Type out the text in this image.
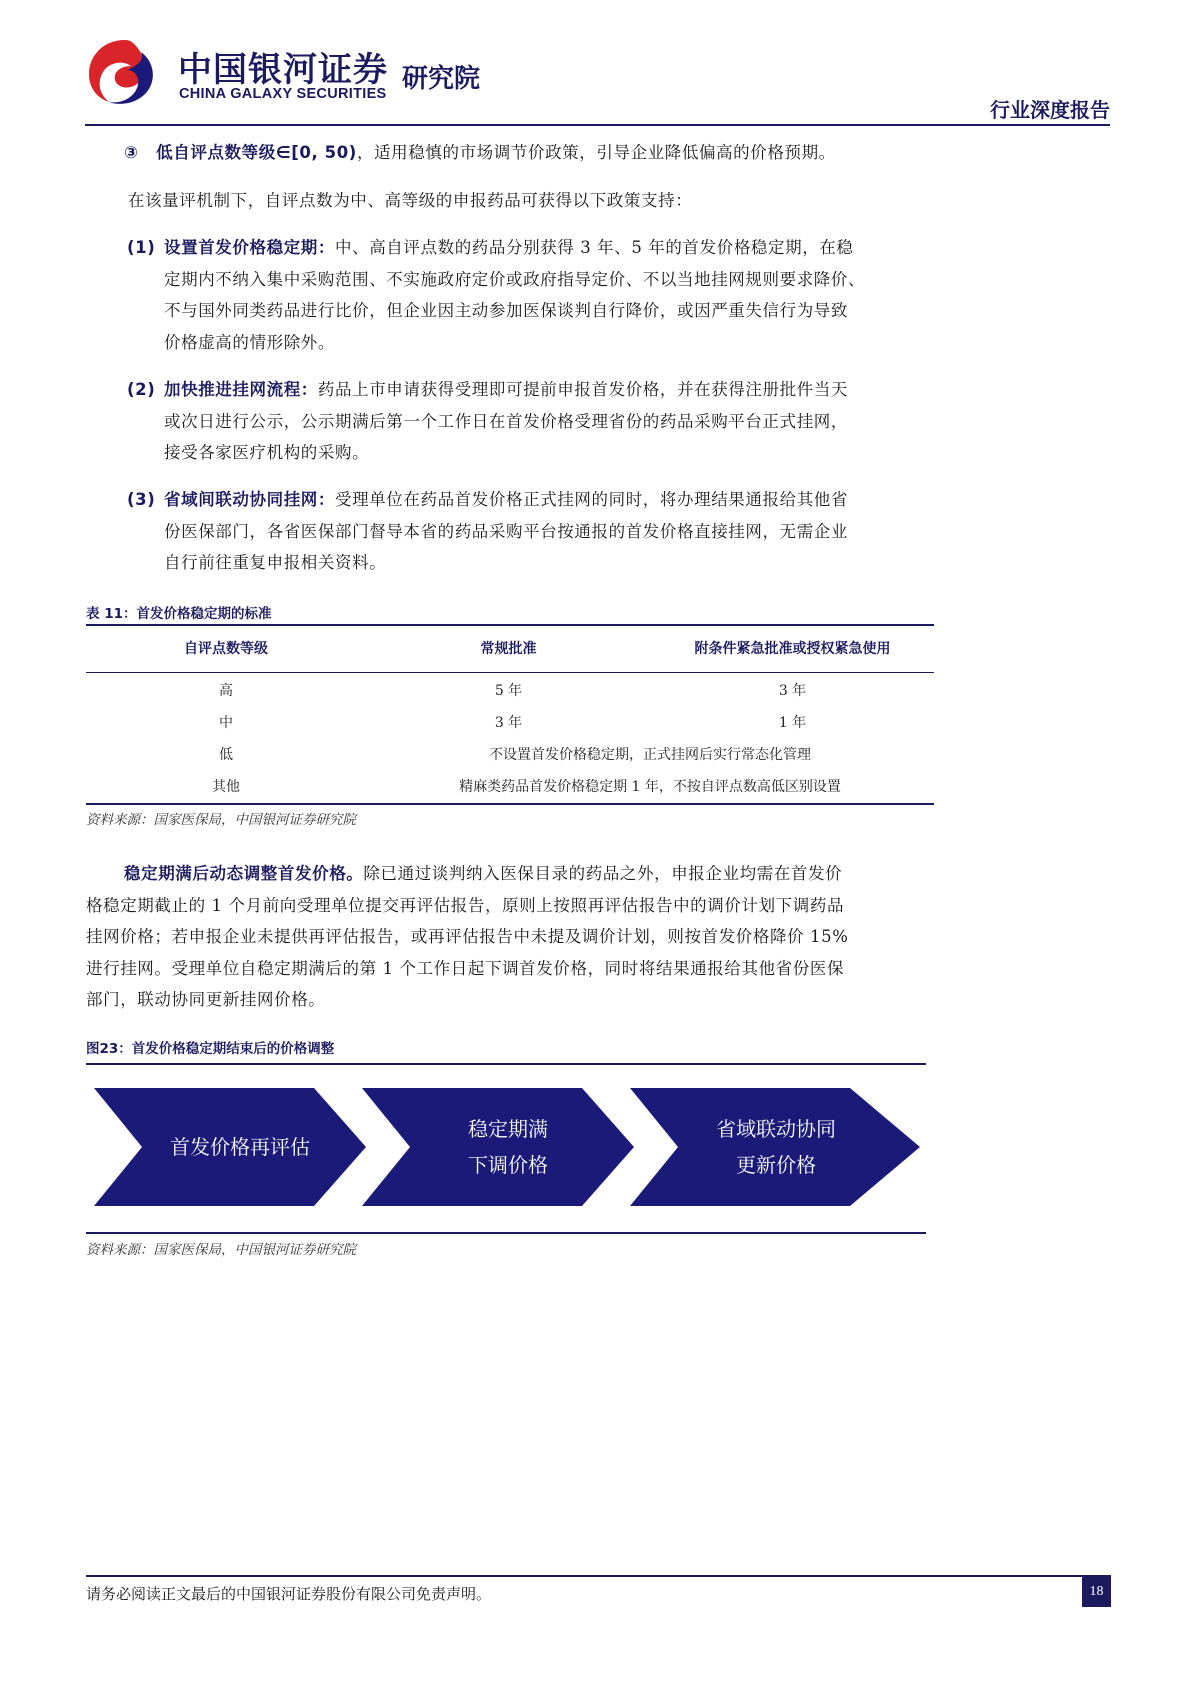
中国银河证券
CHINA GALAXY SECURITIES 研究院
行业深度报告
③ 低自评点数等级∈[0, 50)，适用稳慎的市场调节价政策，引导企业降低偏高的价格预期。
在该量评机制下，自评点数为中、高等级的申报药品可获得以下政策支持：
(1) 设置首发价格稳定期：中、高自评点数的药品分别获得 3 年、5 年的首发价格稳定期，在稳
定期内不纳入集中采购范围、不实施政府定价或政府指导定价、不以当地挂网规则要求降价、
不与国外同类药品进行比价，但企业因主动参加医保谈判自行降价，或因严重失信行为导致
价格虚高的情形除外。
(2) 加快推进挂网流程：药品上市申请获得受理即可提前申报首发价格，并在获得注册批件当天
或次日进行公示，公示期满后第一个工作日在首发价格受理省份的药品采购平台正式挂网，
接受各家医疗机构的采购。
(3) 省域间联动协同挂网：受理单位在药品首发价格正式挂网的同时，将办理结果通报给其他省
份医保部门，各省医保部门督导本省的药品采购平台按通报的首发价格直接挂网，无需企业
自行前往重复申报相关资料。
表 11：首发价格稳定期的标准
自评点数等级	常规批准	附条件紧急批准或授权紧急使用
高	5 年	3 年
中	3 年	1 年
低	不设置首发价格稳定期，正式挂网后实行常态化管理
其他	精麻类药品首发价格稳定期 1 年，不按自评点数高低区别设置
资料来源：国家医保局，中国银河证券研究院
稳定期满后动态调整首发价格。除已通过谈判纳入医保目录的药品之外，申报企业均需在首发价
格稳定期截止的 1 个月前向受理单位提交再评估报告，原则上按照再评估报告中的调价计划下调药品
挂网价格；若申报企业未提供再评估报告，或再评估报告中未提及调价计划，则按首发价格降价 15%
进行挂网。受理单位自稳定期满后的第 1 个工作日起下调首发价格，同时将结果通报给其他省份医保
部门，联动协同更新挂网价格。
图23：首发价格稳定期结束后的价格调整
首发价格再评估
稳定期满
下调价格
省域联动协同
更新价格
资料来源：国家医保局，中国银河证券研究院
请务必阅读正文最后的中国银河证券股份有限公司免责声明。	18
